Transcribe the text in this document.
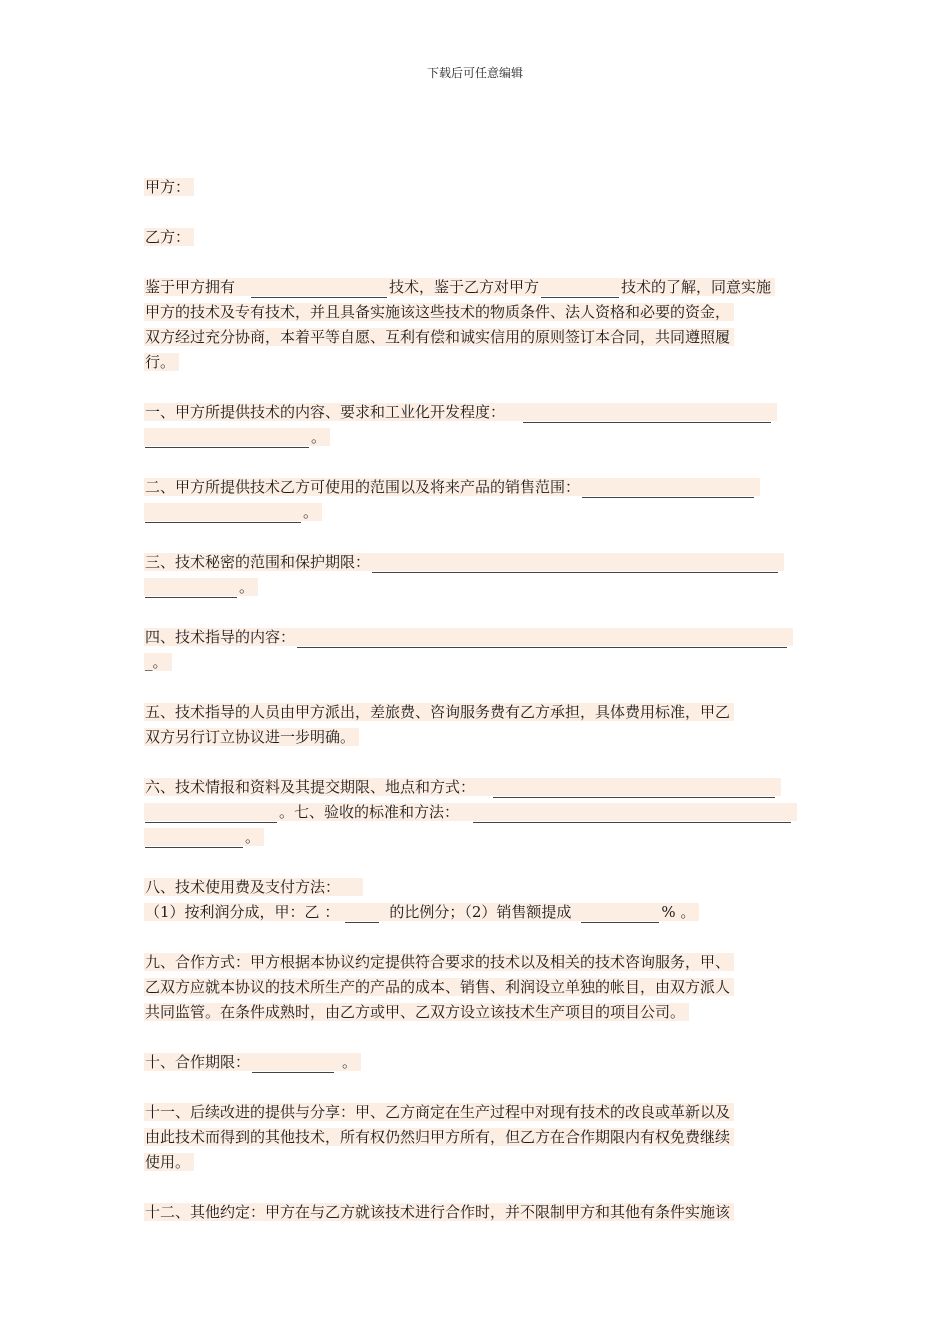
下载后可任意编辑
甲方：
乙方：
鉴于甲方拥有	技术，鉴于乙方对甲方	技术的了解，同意实施
甲方的技术及专有技术，并且具备实施该这些技术的物质条件、法人资格和必要的资金，
双方经过充分协商，本着平等自愿、互利有偿和诚实信用的原则签订本合同，共同遵照履
行。
一、甲方所提供技术的内容、要求和工业化开发程度：
。
二、甲方所提供技术乙方可使用的范围以及将来产品的销售范围：
。
三、技术秘密的范围和保护期限：
。
四、技术指导的内容：
_。
五、技术指导的人员由甲方派出，差旅费、咨询服务费有乙方承担，具体费用标准，甲乙
双方另行订立协议进一步明确。
六、技术情报和资料及其提交期限、地点和方式：
。七、验收的标准和方法：
。
八、技术使用费及支付方法：
（1）按利润分成，甲：乙 ：	的比例分；（2）销售额提成	% 。
九、合作方式：甲方根据本协议约定提供符合要求的技术以及相关的技术咨询服务，甲、
乙双方应就本协议的技术所生产的产品的成本、销售、利润设立单独的帐目，由双方派人
共同监管。在条件成熟时，由乙方或甲、乙双方设立该技术生产项目的项目公司。
十、合作期限：	。
十一、后续改进的提供与分享：甲、乙方商定在生产过程中对现有技术的改良或革新以及
由此技术而得到的其他技术，所有权仍然归甲方所有，但乙方在合作期限内有权免费继续
使用。
十二、其他约定：甲方在与乙方就该技术进行合作时，并不限制甲方和其他有条件实施该
